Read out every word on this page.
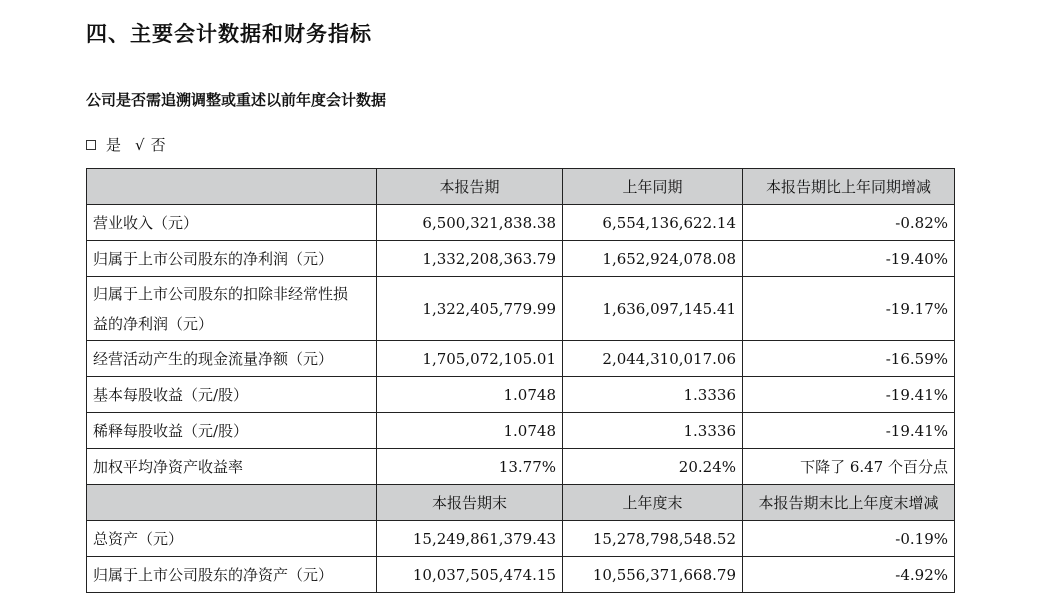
四、主要会计数据和财务指标
公司是否需追溯调整或重述以前年度会计数据
是 √ 否
	本报告期	上年同期	本报告期比上年同期增减
营业收入（元）	6,500,321,838.38	6,554,136,622.14	-0.82%
归属于上市公司股东的净利润（元）	1,332,208,363.79	1,652,924,078.08	-19.40%

归属于上市公司股东的扣除非经常性损
益的净利润（元）	1,322,405,779.99	1,636,097,145.41	-19.17%
经营活动产生的现金流量净额（元）	1,705,072,105.01	2,044,310,017.06	-16.59%
基本每股收益（元/股）	1.0748	1.3336	-19.41%
稀释每股收益（元/股）	1.0748	1.3336	-19.41%
加权平均净资产收益率	13.77%	20.24%	下降了 6.47 个百分点
	本报告期末	上年度末	本报告期末比上年度末增减
总资产（元）	15,249,861,379.43	15,278,798,548.52	-0.19%
归属于上市公司股东的净资产（元）	10,037,505,474.15	10,556,371,668.79	-4.92%
